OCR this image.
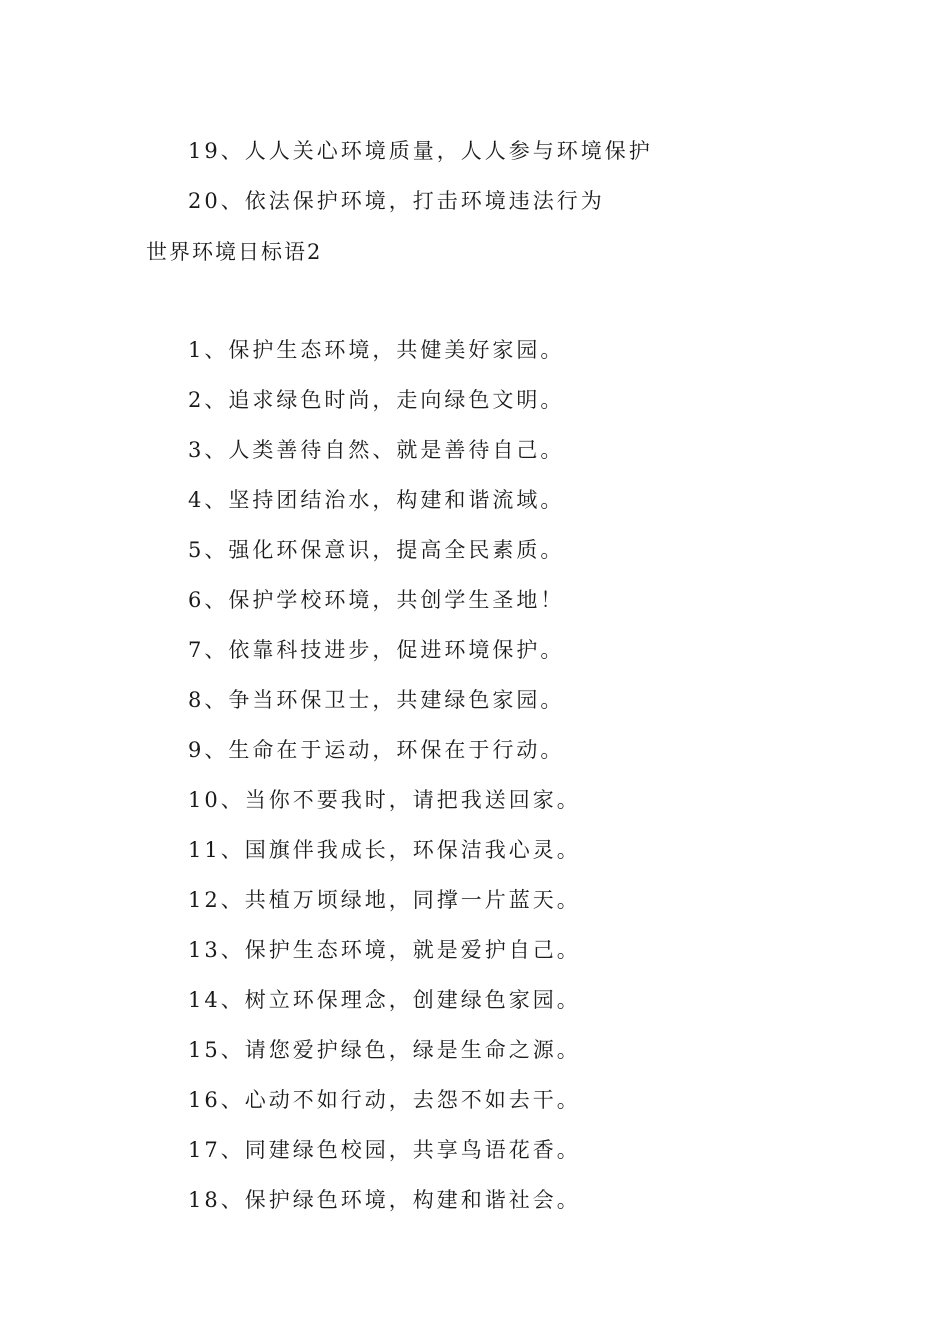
19、人人关心环境质量，人人参与环境保护
20、依法保护环境，打击环境违法行为
世界环境日标语2
1、保护生态环境，共健美好家园。
2、追求绿色时尚，走向绿色文明。
3、人类善待自然、就是善待自己。
4、坚持团结治水，构建和谐流域。
5、强化环保意识，提高全民素质。
6、保护学校环境，共创学生圣地！
7、依靠科技进步，促进环境保护。
8、争当环保卫士，共建绿色家园。
9、生命在于运动，环保在于行动。
10、当你不要我时，请把我送回家。
11、国旗伴我成长，环保洁我心灵。
12、共植万顷绿地，同撑一片蓝天。
13、保护生态环境，就是爱护自己。
14、树立环保理念，创建绿色家园。
15、请您爱护绿色，绿是生命之源。
16、心动不如行动，去怨不如去干。
17、同建绿色校园，共享鸟语花香。
18、保护绿色环境，构建和谐社会。
